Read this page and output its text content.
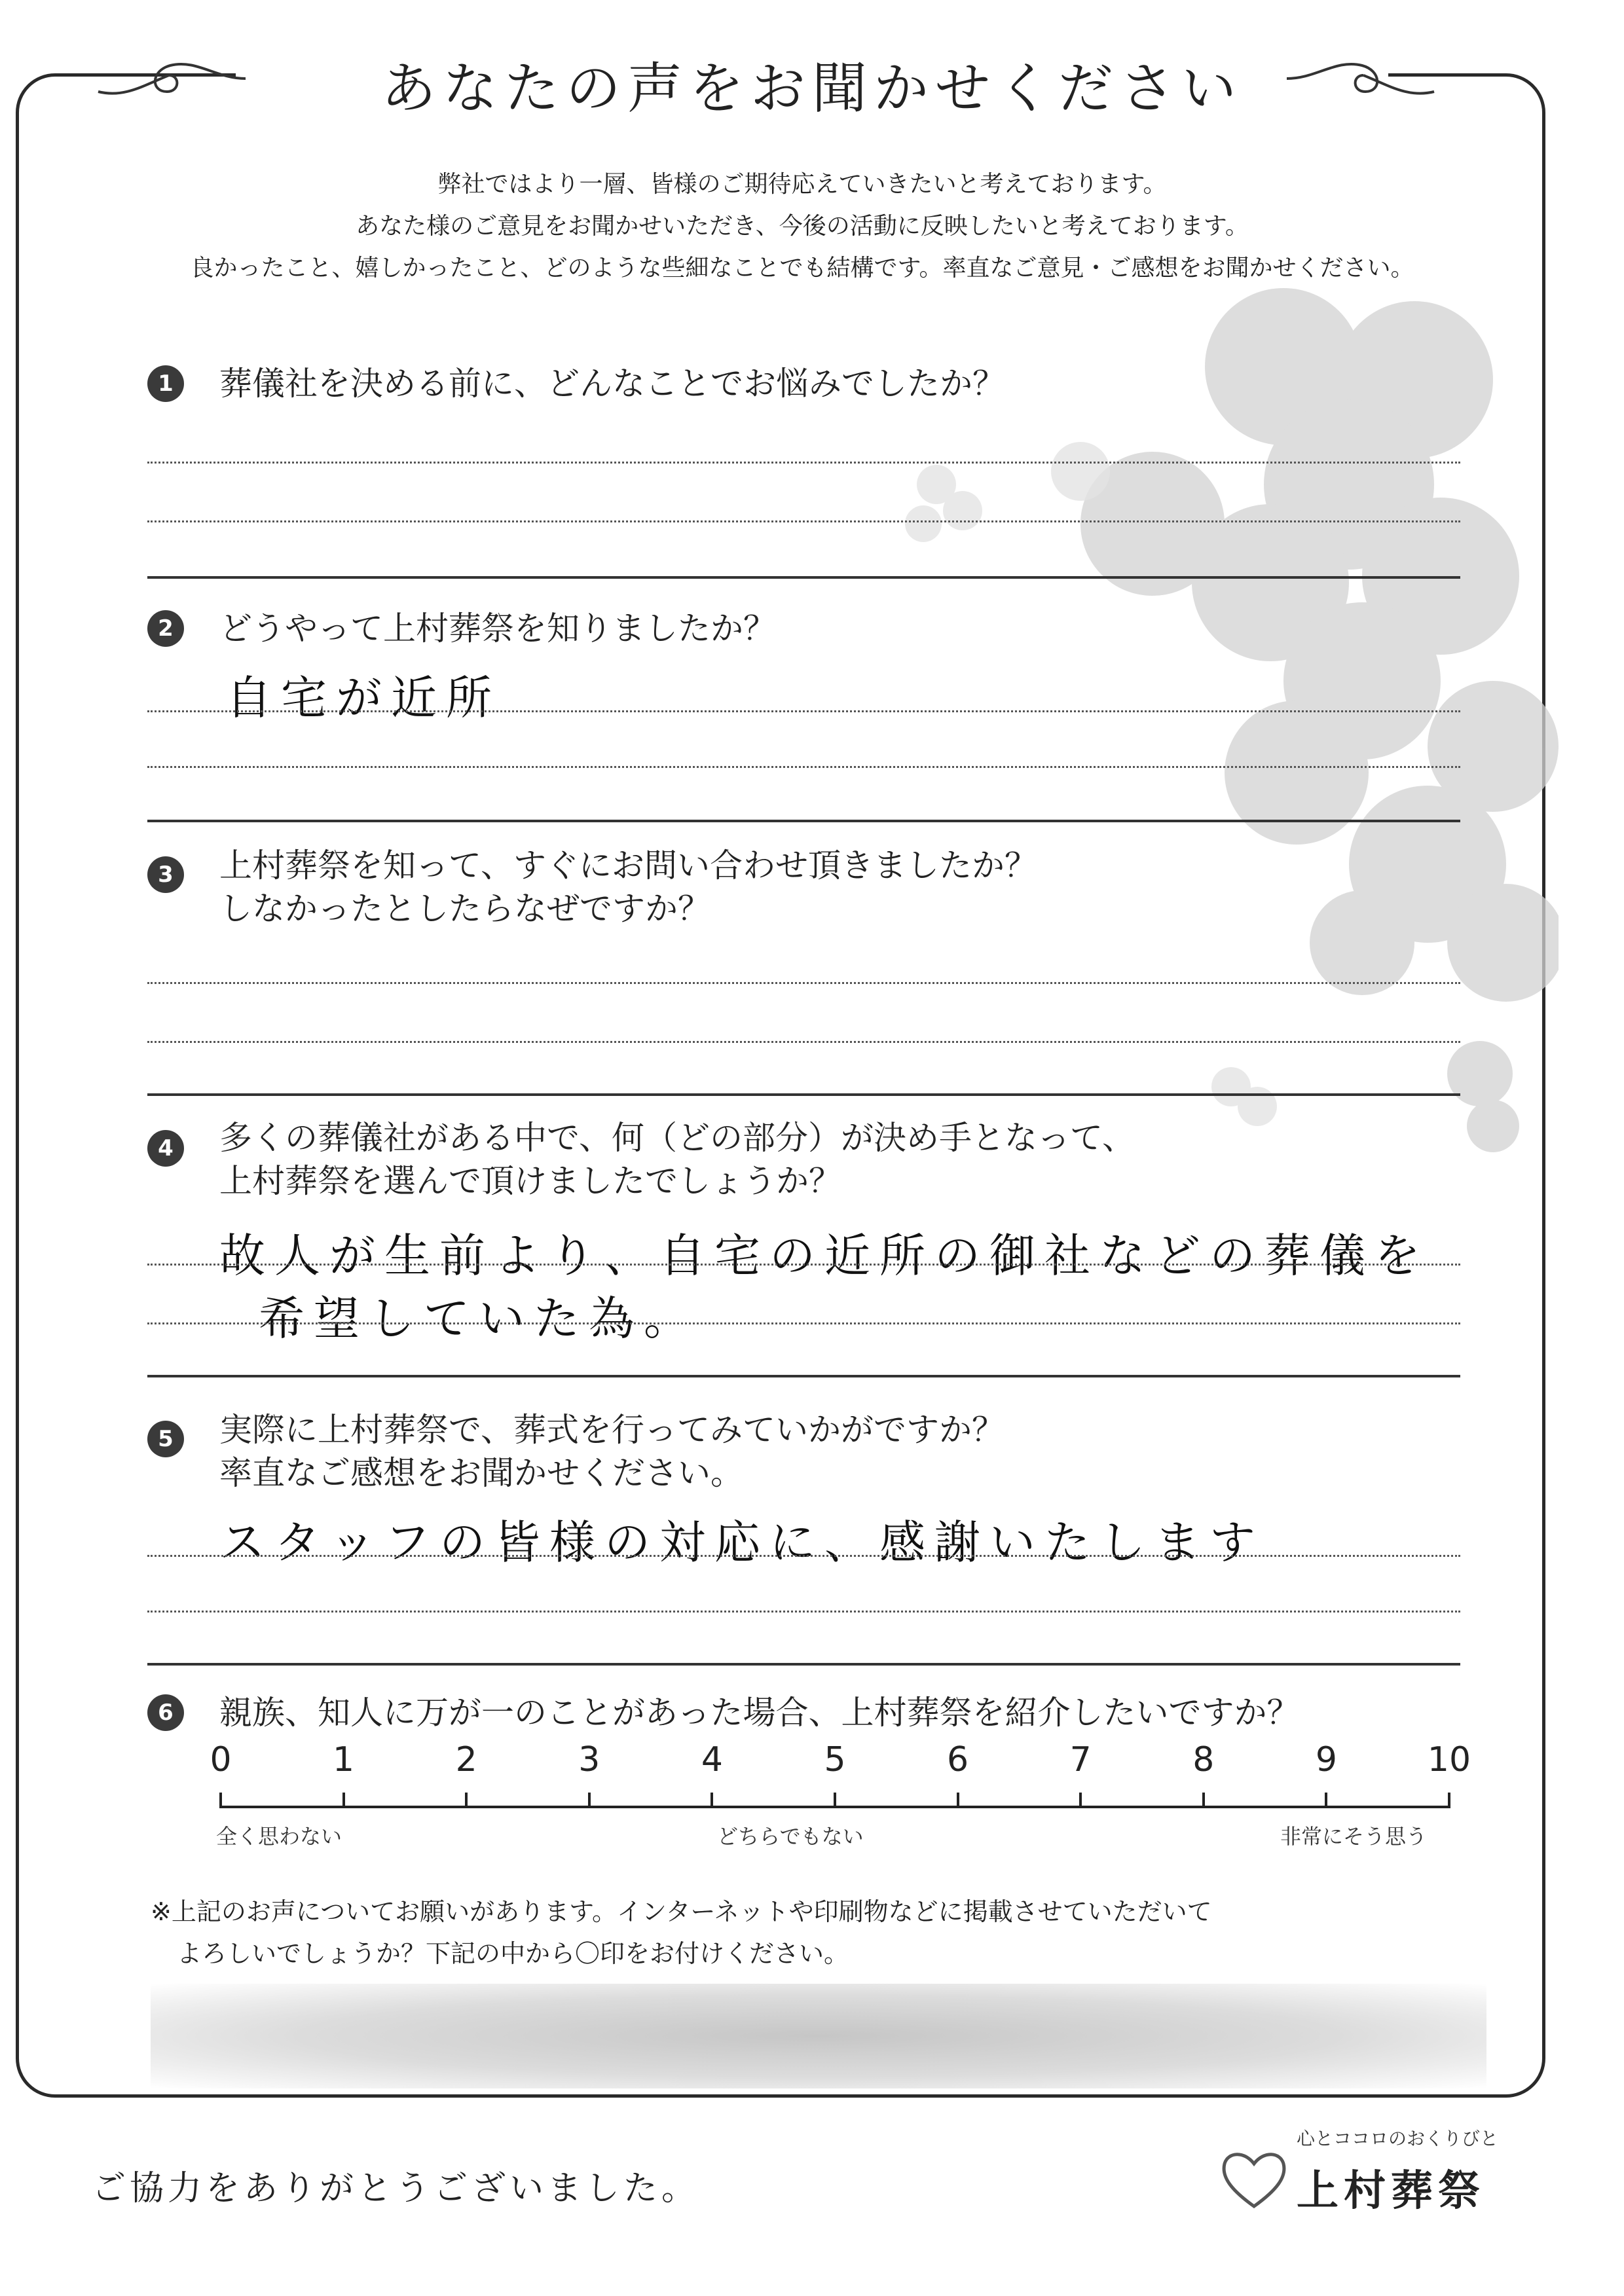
あなたの声をお聞かせください
弊社ではより一層、皆様のご期待応えていきたいと考えております。
あなた様のご意見をお聞かせいただき、今後の活動に反映したいと考えております。
良かったこと、嬉しかったこと、どのような些細なことでも結構です。率直なご意見・ご感想をお聞かせください。
1	葬儀社を決める前に、どんなことでお悩みでしたか？
2	どうやって上村葬祭を知りましたか？
自宅が近所
3	上村葬祭を知って、すぐにお問い合わせ頂きましたか？
しなかったとしたらなぜですか？
4	多くの葬儀社がある中で、何（どの部分）が決め手となって、
上村葬祭を選んで頂けましたでしょうか？
故人が生前より、自宅の近所の御社などの葬儀を
希望していた為。
5	実際に上村葬祭で、葬式を行ってみていかがですか？
率直なご感想をお聞かせください。
スタッフの皆様の対応に、感謝いたします
6	親族、知人に万が一のことがあった場合、上村葬祭を紹介したいですか？
0	1	2	3	4	5	6	7	8	9	10
全く思わない	どちらでもない	非常にそう思う
※上記のお声についてお願いがあります。インターネットや印刷物などに掲載させていただいて
よろしいでしょうか？下記の中から〇印をお付けください。
ご協力をありがとうございました。
心とココロのおくりびと
上村葬祭
